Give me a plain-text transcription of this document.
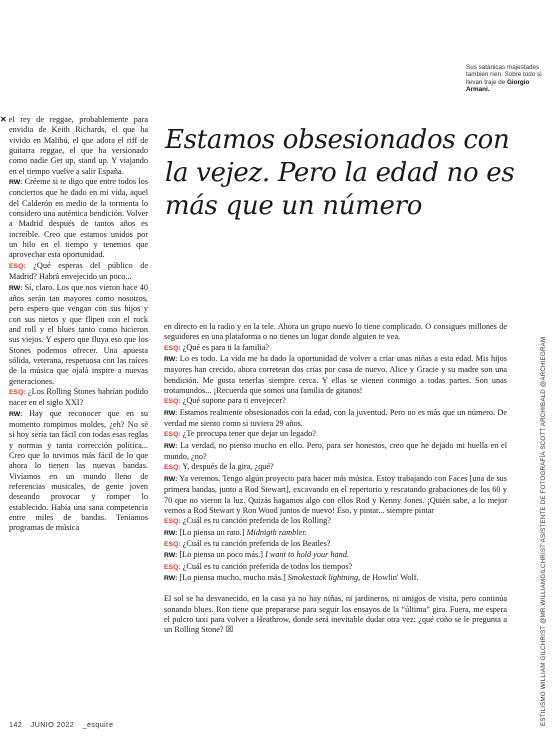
Sus satánicas majestades también ríen. Sobre todo si llevan traje de Giorgio Armani.
Estamos obsesionados con la vejez. Pero la edad no es más que un número

✕ el rey de reggae, probablemente para envidia de Keith Richards, el que ha vivido en Malibú, el que adora el riff de guitarra reggae, el que ha versionado como nadie Get up, stand up. Y viajando en el tiempo vuelve a salir España.

RW: Créeme si te digo que entre todos los conciertos que he dado en mi vida, aquel del Calderón en medio de la tormenta lo considero una auténtica bendición. Volver a Madrid después de tantos años es increíble. Creo que estamos unidos por un hilo en el tiempo y tenemos que aprovechar esta oportunidad.

ESQ: ¿Qué esperas del público de Madrid? Habrá envejecido un poco...

RW: Sí, claro. Los que nos vieron hace 40 años serán tan mayores como nosotros, pero espero que vengan con sus hijos y con sus nietos y que flipen con el rock and roll y el blues tanto como hicieron sus viejos. Y espero que fluya eso que los Stones podemos ofrecer. Una apuesta sólida, veterana, respetuosa con las raíces de la música que ojalá inspire a nuevas generaciones.

ESQ: ¿Los Rolling Stones habrían podido nacer en el siglo XXI?

RW: Hay que reconocer que en su momento rompimos moldes, ¿eh? No sé si hoy sería tan fácil con todas esas reglas y normas y tanta corrección política... Creo que lo tuvimos más fácil de lo que ahora lo tienen las nuevas bandas. Vivíamos en un mundo lleno de referencias musicales, de gente joven deseando provocar y romper lo establecido. Había una sana competencia entre miles de bandas. Teníamos programas de música

en directo en la radio y en la tele. Ahora un grupo nuevo lo tiene complicado. O consigues millones de seguidores en una plataforma o no tienes un lugar donde alguien te vea.

ESQ: ¿Qué es para ti la familia?

RW: Lo es todo. La vida me ha dado la oportunidad de volver a criar unas niñas a esta edad. Mis hijos mayores han crecido, ahora corretean dos crías por casa de nuevo. Alice y Gracie y su madre son una bendición. Me gusta tenerlas siempre cerca. Y ellas se vienen conmigo a todas partes. Son unas trotamundos... ¡Recuerda que somos una familia de gitanos!

ESQ: ¿Qué supone para ti envejecer?

RW: Estamos realmente obsesionados con la edad, con la juventud. Pero no es más que un número. De verdad me siento como si tuviera 29 años.

ESQ: ¿Te preocupa tener que dejar un legado?

RW: La verdad, no pienso mucho en ello. Pero, para ser honestos, creo que he dejado mi huella en el mundo, ¿no?

ESQ: Y, después de la gira, ¿qué?

RW: Ya veremos. Tengo algún proyecto para hacer más música. Estoy trabajando con Faces [una de sus primera bandas, junto a Rod Stewart], excavando en el repertorio y rescatando grabaciones de los 60 y 70 que no vieron la luz. Quizás hagamos algo con ellos Rod y Kenny Jones. ¡Quién sabe, a lo mejor vemos a Rod Stewart y Ron Wood juntos de nuevo! Eso, y pintar... siempre pintar

ESQ: ¿Cuál es tu canción preferida de los Rolling?

RW: [Lo piensa un rato.] Midnigth rambler.

ESQ: ¿Cuál es tu canción preferida de los Beatles?

RW: [Lo piensa un poco más.] I want to hold your hand.

ESQ: ¿Cuál es tu canción preferida de todos los tiempos?

RW: [Lo piensa mucho, mucho más.] Smokestack lightning, de Howlin' Wolf.

El sol se ha desvanecido, en la casa ya no hay niñas, ni jardineros, ni amigos de visita, pero continúa sonando blues. Ron tiene que prepararse para seguir los ensayos de la “última” gira. Fuera, me espera el pulcro taxi para volver a Heathrow, donde será inevitable dudar otra vez: ¿qué coño se le pregunta a un Rolling Stone? ☒	ESTILISMO WILLIAM GILCHRIST @MR.WILLIAMGILCHRIST ASISTENTE DE FOTOGRAFÍA SCOTT ARCHIBALD @ARCHIEGRAM
142 JUNIO 2022 _esquire
